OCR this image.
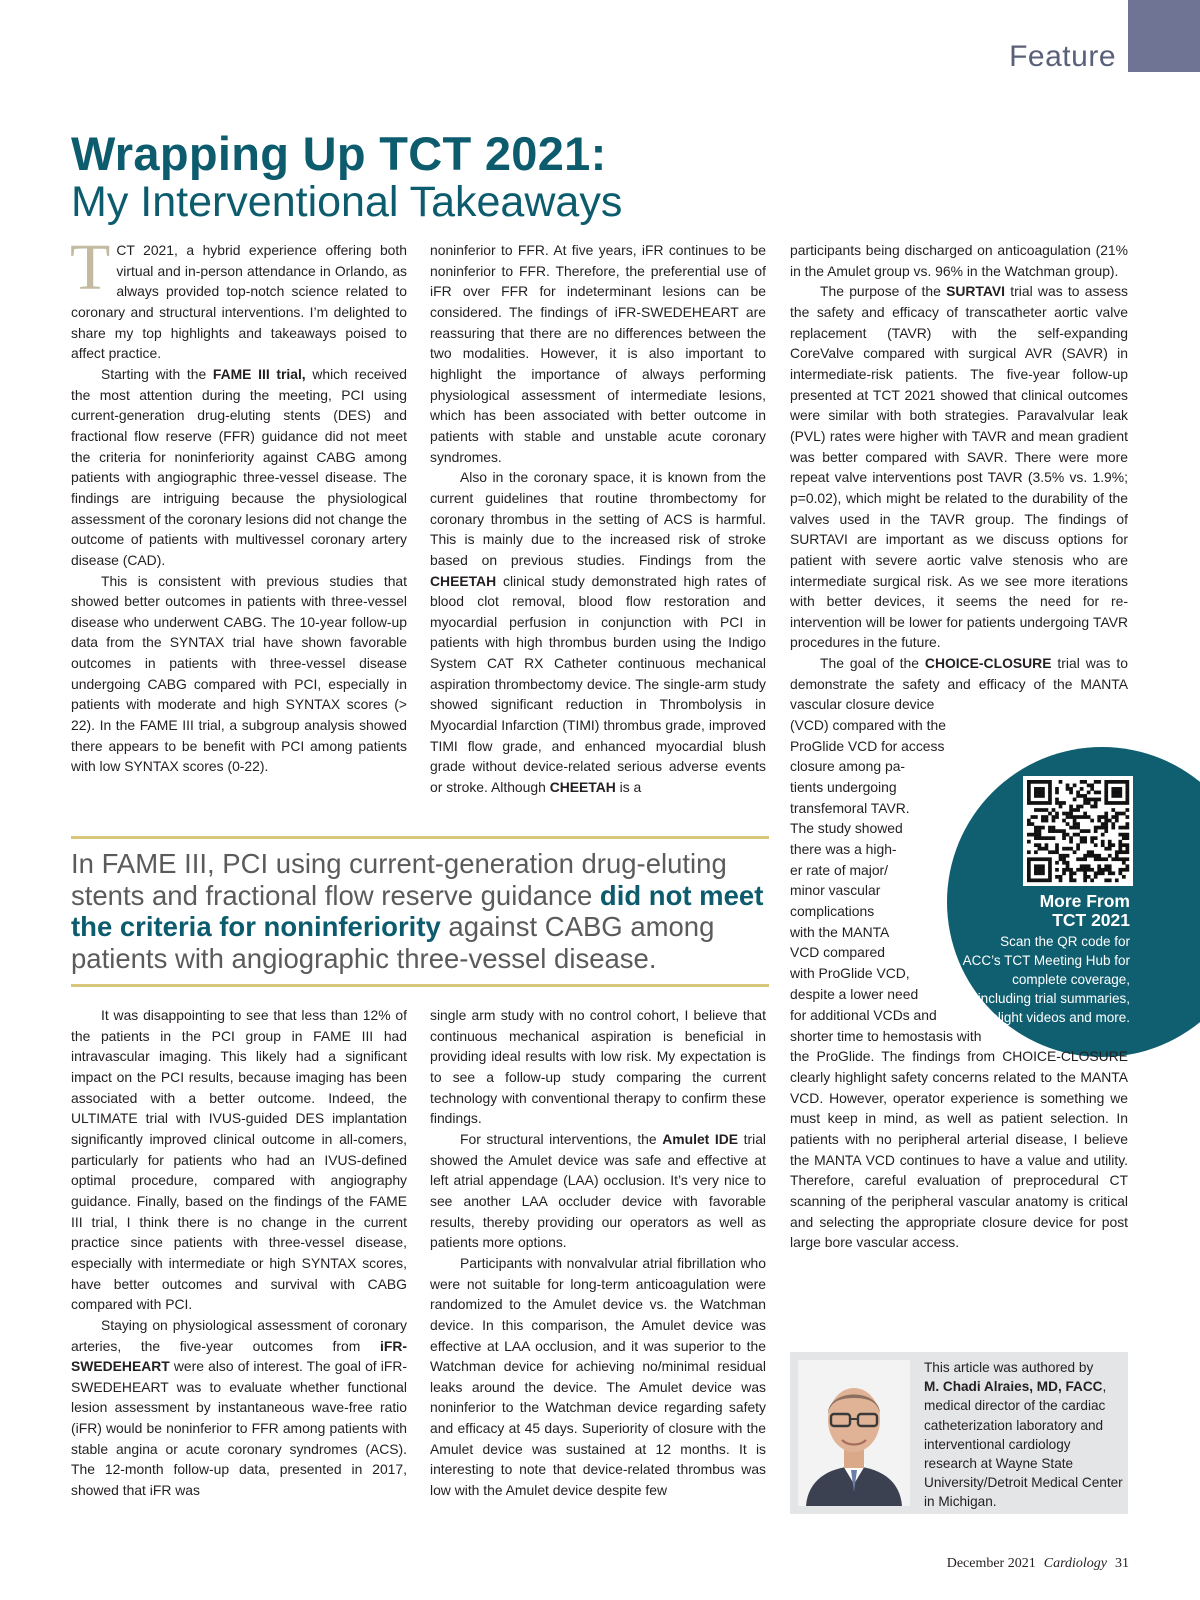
Feature
Wrapping Up TCT 2021:
My Interventional Takeaways

TCT 2021, a hybrid experience offering both virtual and in-person attendance in Orlando, as always provided top-notch science related to coronary and structural interventions. I’m delighted to share my top highlights and takeaways poised to affect practice.

Starting with the FAME III trial, which received the most attention during the meeting, PCI using current-generation drug-eluting stents (DES) and fractional flow reserve (FFR) guidance did not meet the criteria for noninferiority against CABG among patients with angiographic three-vessel disease. The findings are intriguing because the physiological assessment of the coronary lesions did not change the outcome of patients with multivessel coronary artery disease (CAD).

This is consistent with previous studies that showed better outcomes in patients with three-vessel disease who underwent CABG. The 10-year follow-up data from the SYNTAX trial have shown favorable outcomes in patients with three-vessel disease undergoing CABG compared with PCI, especially in patients with moderate and high SYNTAX scores (> 22). In the FAME III trial, a subgroup analysis showed there appears to be benefit with PCI among patients with low SYNTAX scores (0-22).

noninferior to FFR. At five years, iFR continues to be noninferior to FFR. Therefore, the preferential use of iFR over FFR for indeterminant lesions can be considered. The findings of iFR-SWEDEHEART are reassuring that there are no differences between the two modalities. However, it is also important to highlight the importance of always performing physiological assessment of intermediate lesions, which has been associated with better outcome in patients with stable and unstable acute coronary syndromes.

Also in the coronary space, it is known from the current guidelines that routine thrombectomy for coronary thrombus in the setting of ACS is harmful. This is mainly due to the increased risk of stroke based on previous studies. Findings from the CHEETAH clinical study demonstrated high rates of blood clot removal, blood flow restoration and myocardial perfusion in conjunction with PCI in patients with high thrombus burden using the Indigo System CAT RX Catheter continuous mechanical aspiration thrombectomy device. The single-arm study showed significant reduction in Thrombolysis in Myocardial Infarction (TIMI) thrombus grade, improved TIMI flow grade, and enhanced myocardial blush grade without device-related serious adverse events or stroke. Although CHEETAH is a

participants being discharged on anticoagulation (21% in the Amulet group vs. 96% in the Watchman group).

The purpose of the SURTAVI trial was to assess the safety and efficacy of transcatheter aortic valve replacement (TAVR) with the self-expanding CoreValve compared with surgical AVR (SAVR) in intermediate-risk patients. The five-year follow-up presented at TCT 2021 showed that clinical outcomes were similar with both strategies. Paravalvular leak (PVL) rates were higher with TAVR and mean gradient was better compared with SAVR. There were more repeat valve interventions post TAVR (3.5% vs. 1.9%; p=0.02), which might be related to the durability of the valves used in the TAVR group. The findings of SURTAVI are important as we discuss options for patient with severe aortic valve stenosis who are intermediate surgical risk. As we see more iterations with better devices, it seems the need for re-intervention will be lower for patients undergoing TAVR procedures in the future.

The goal of the CHOICE-CLOSURE trial was to demonstrate the safety and efficacy of the MANTA vascular closure device

(VCD) compared with the
ProGlide VCD for access
closure among pa-
tients undergoing
transfemoral TAVR.
The study showed
there was a high-
er rate of major/
minor vascular
complications
with the MANTA
VCD compared
with ProGlide VCD,
despite a lower need
In FAME III, PCI using current-generation drug-eluting stents and fractional flow reserve guidance did not meet the criteria for noninferiority against CABG among patients with angiographic three-vessel disease.
More From
TCT 2021
Scan the QR code for ACC’s TCT Meeting Hub for complete coverage, including trial summaries, highlight videos and more.

It was disappointing to see that less than 12% of the patients in the PCI group in FAME III had intravascular imaging. This likely had a significant impact on the PCI results, because imaging has been associated with a better outcome. Indeed, the ULTIMATE trial with IVUS-guided DES implantation significantly improved clinical outcome in all-comers, particularly for patients who had an IVUS-defined optimal procedure, compared with angiography guidance. Finally, based on the findings of the FAME III trial, I think there is no change in the current practice since patients with three-vessel disease, especially with intermediate or high SYNTAX scores, have better outcomes and survival with CABG compared with PCI.

Staying on physiological assessment of coronary arteries, the five-year outcomes from iFR-SWEDEHEART were also of interest. The goal of iFR-SWEDEHEART was to evaluate whether functional lesion assessment by instantaneous wave-free ratio (iFR) would be noninferior to FFR among patients with stable angina or acute coronary syndromes (ACS). The 12-month follow-up data, presented in 2017, showed that iFR was

single arm study with no control cohort, I believe that continuous mechanical aspiration is beneficial in providing ideal results with low risk. My expectation is to see a follow-up study comparing the current technology with conventional therapy to confirm these findings.

For structural interventions, the Amulet IDE trial showed the Amulet device was safe and effective at left atrial appendage (LAA) occlusion. It’s very nice to see another LAA occluder device with favorable results, thereby providing our operators as well as patients more options.

Participants with nonvalvular atrial fibrillation who were not suitable for long-term anticoagulation were randomized to the Amulet device vs. the Watchman device. In this comparison, the Amulet device was effective at LAA occlusion, and it was superior to the Watchman device for achieving no/minimal residual leaks around the device. The Amulet device was noninferior to the Watchman device regarding safety and efficacy at 45 days. Superiority of closure with the Amulet device was sustained at 12 months. It is interesting to note that device-related thrombus was low with the Amulet device despite few

for additional VCDs and
shorter time to hemostasis with

the ProGlide. The findings from CHOICE-CLOSURE clearly highlight safety concerns related to the MANTA VCD. However, operator experience is something we must keep in mind, as well as patient selection. In patients with no peripheral arterial disease, I believe the MANTA VCD continues to have a value and utility. Therefore, careful evaluation of preprocedural CT scanning of the peripheral vascular anatomy is critical and selecting the appropriate closure device for post large bore vascular access.

This article was authored by
M. Chadi Alraies, MD, FACC, medical director of the cardiac catheterization laboratory and interventional cardiology research at Wayne State University/Detroit Medical Center in Michigan.
December 2021 Cardiology 31
